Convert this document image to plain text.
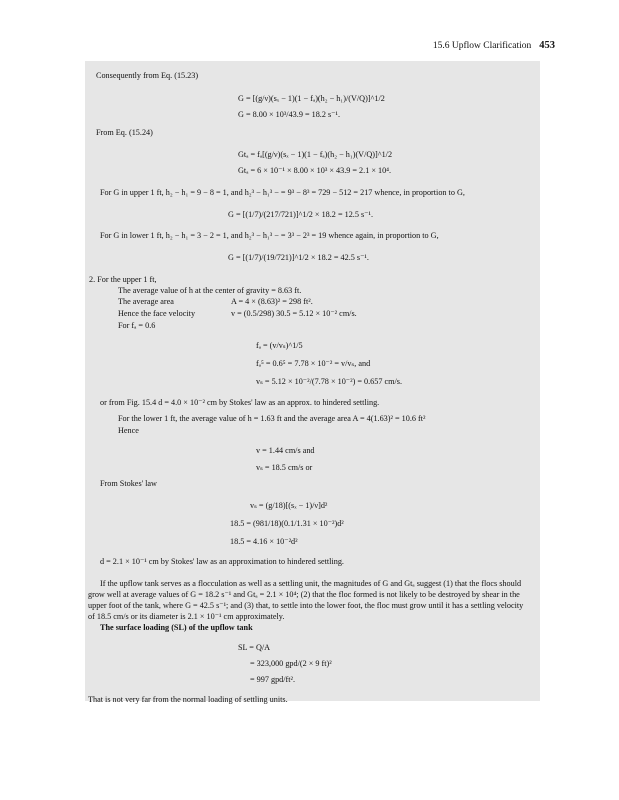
15.6 Upflow Clarification 453
Consequently from Eq. (15.23)
G = [(g/ν)(sₓ − 1)(1 − fₐ)(h₂ − h₁)/(V/Q)]^1/2
G = 8.00 × 10³/43.9 = 18.2 s⁻¹.
From Eq. (15.24)
Gtₐ = fₐ[(g/ν)(sₓ − 1)(1 − fₐ)(h₂ − h₁)(V/Q)]^1/2
Gtₐ = 6 × 10⁻¹ × 8.00 × 10³ × 43.9 = 2.1 × 10⁴.
For G in upper 1 ft, h₂ − h₁ = 9 − 8 = 1, and h₂³ − h₁³ − = 9³ − 8³ = 729 − 512 = 217 whence, in proportion to G,
G = [(1/7)/(217/721)]^1/2 × 18.2 = 12.5 s⁻¹.
For G in lower 1 ft, h₂ − h₁ = 3 − 2 = 1, and h₂³ − h₁³ − = 3³ − 2³ = 19 whence again, in proportion to G,
G = [(1/7)/(19/721)]^1/2 × 18.2 = 42.5 s⁻¹.
2. For the upper 1 ft,
The average value of h at the center of gravity = 8.63 ft.
The average area	A = 4 × (8.63)² = 298 ft².
Hence the face velocity	v = (0.5/298) 30.5 = 5.12 × 10⁻² cm/s.
For fₐ = 0.6
fₐ = (v/vₛ)^1/5
fₐ⁵ = 0.6⁵ = 7.78 × 10⁻² = v/vₛ, and
vₛ = 5.12 × 10⁻²/(7.78 × 10⁻²) = 0.657 cm/s.
or from Fig. 15.4 d = 4.0 × 10⁻² cm by Stokes' law as an approx. to hindered settling.
For the lower 1 ft, the average value of h = 1.63 ft and the average area A = 4(1.63)² = 10.6 ft²
Hence
v = 1.44 cm/s and
vₛ = 18.5 cm/s or
From Stokes' law
vₛ = (g/18)[(sₓ − 1)/ν]d²
18.5 = (981/18)(0.1/1.31 × 10⁻²)d²
18.5 = 4.16 × 10⁻²d²
d = 2.1 × 10⁻¹ cm by Stokes' law as an approximation to hindered settling.
If the upflow tank serves as a flocculation as well as a settling unit, the magnitudes of G and Gtₐ suggest (1) that the flocs should
grow well at average values of G = 18.2 s⁻¹ and Gtₐ = 2.1 × 10⁴; (2) that the floc formed is not likely to be destroyed by shear in the
upper foot of the tank, where G = 42.5 s⁻¹; and (3) that, to settle into the lower foot, the floc must grow until it has a settling velocity
of 18.5 cm/s or its diameter is 2.1 × 10⁻¹ cm approximately.
The surface loading (SL) of the upflow tank
SL = Q/A
= 323,000 gpd/(2 × 9 ft)²
= 997 gpd/ft².
That is not very far from the normal loading of settling units.
